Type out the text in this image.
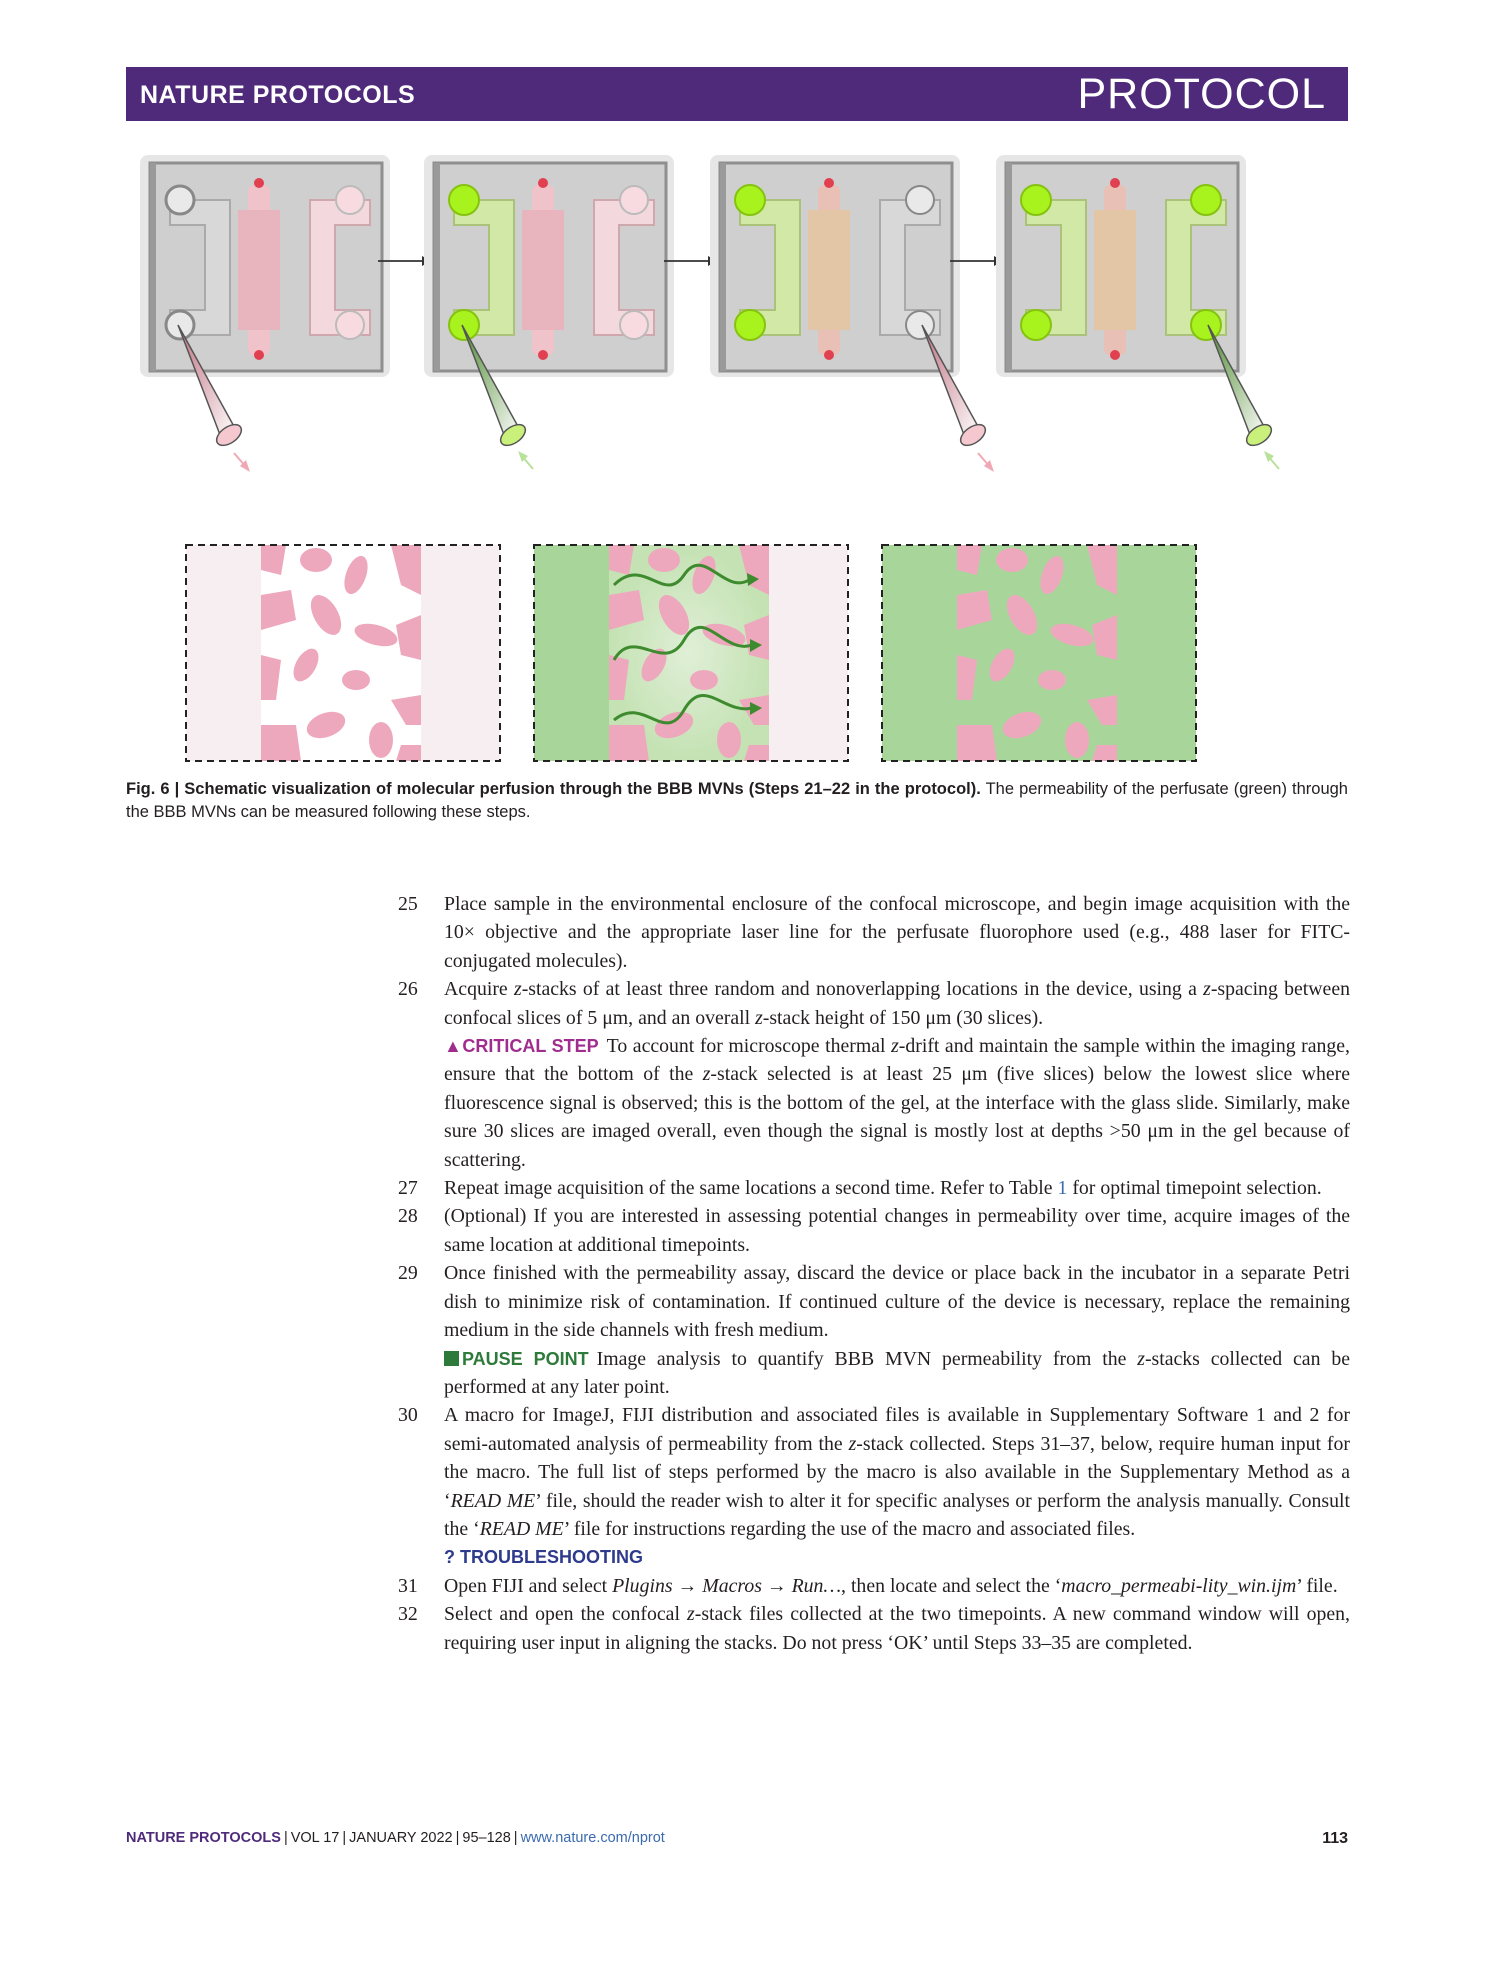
NATURE PROTOCOLS	PROTOCOL
Fig. 6 | Schematic visualization of molecular perfusion through the BBB MVNs (Steps 21–22 in the protocol). The permeability of the perfusate (green) through the BBB MVNs can be measured following these steps.
25	Place sample in the environmental enclosure of the confocal microscope, and begin image acquisition with the 10× objective and the appropriate laser line for the perfusate fluorophore used (e.g., 488 laser for FITC-conjugated molecules).
26	Acquire z-stacks of at least three random and nonoverlapping locations in the device, using a z-spacing between confocal slices of 5 μm, and an overall z-stack height of 150 μm (30 slices).
▲CRITICAL STEP To account for microscope thermal z-drift and maintain the sample within the imaging range, ensure that the bottom of the z-stack selected is at least 25 μm (five slices) below the lowest slice where fluorescence signal is observed; this is the bottom of the gel, at the interface with the glass slide. Similarly, make sure 30 slices are imaged overall, even though the signal is mostly lost at depths >50 μm in the gel because of scattering.
27	Repeat image acquisition of the same locations a second time. Refer to Table 1 for optimal timepoint selection.
28	(Optional) If you are interested in assessing potential changes in permeability over time, acquire images of the same location at additional timepoints.
29	Once finished with the permeability assay, discard the device or place back in the incubator in a separate Petri dish to minimize risk of contamination. If continued culture of the device is necessary, replace the remaining medium in the side channels with fresh medium.
PAUSE POINT Image analysis to quantify BBB MVN permeability from the z-stacks collected can be performed at any later point.
30	A macro for ImageJ, FIJI distribution and associated files is available in Supplementary Software 1 and 2 for semi-automated analysis of permeability from the z-stack collected. Steps 31–37, below, require human input for the macro. The full list of steps performed by the macro is also available in the Supplementary Method as a ‘READ ME’ file, should the reader wish to alter it for specific analyses or perform the analysis manually. Consult the ‘READ ME’ file for instructions regarding the use of the macro and associated files.
? TROUBLESHOOTING
31	Open FIJI and select Plugins → Macros → Run…, then locate and select the ‘macro_permeabi-lity_win.ijm’ file.
32	Select and open the confocal z-stack files collected at the two timepoints. A new command window will open, requiring user input in aligning the stacks. Do not press ‘OK’ until Steps 33–35 are completed.
NATURE PROTOCOLS | VOL 17 | JANUARY 2022 | 95–128 | www.nature.com/nprot	113
